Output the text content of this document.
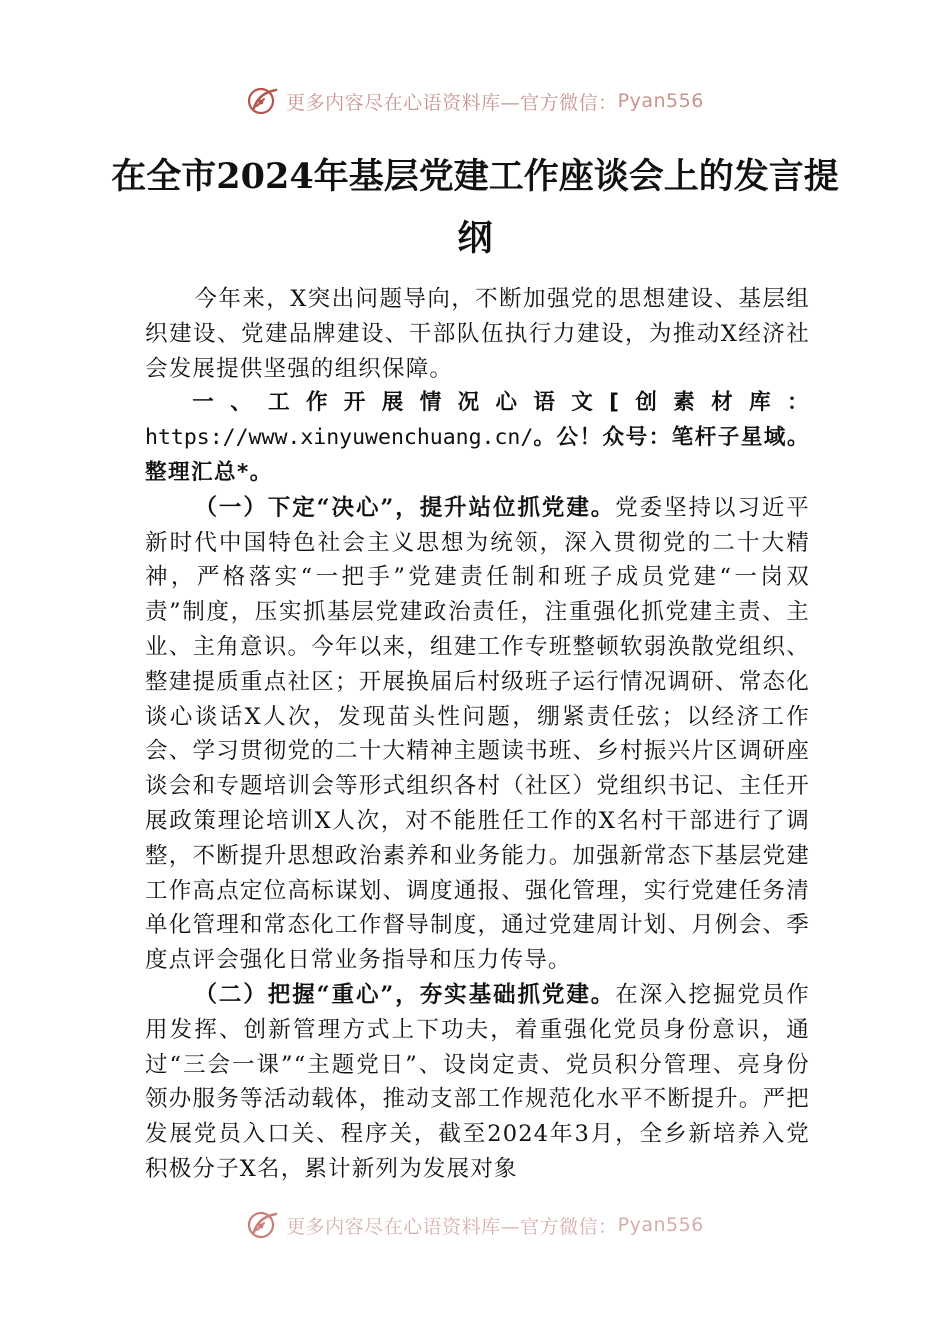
更多内容尽在心语资料库—官方微信： Pyan556
在全市2024年基层党建工作座谈会上的发言提纲

今年来，X突出问题导向，不断加强党的思想建设、基层组织建设、党建品牌建设、干部队伍执行力建设，为推动X经济社会发展提供坚强的组织保障。

一、工作开展情况心语文[创素材库：https://www.xinyuwenchuang.cn/。公！众号：笔杆子星域。整理汇总*。

（一）下定“决心”，提升站位抓党建。党委坚持以习近平新时代中国特色社会主义思想为统领，深入贯彻党的二十大精神，严格落实“一把手”党建责任制和班子成员党建“一岗双责”制度，压实抓基层党建政治责任，注重强化抓党建主责、主业、主角意识。今年以来，组建工作专班整顿软弱涣散党组织、整建提质重点社区；开展换届后村级班子运行情况调研、常态化谈心谈话X人次，发现苗头性问题，绷紧责任弦；以经济工作会、学习贯彻党的二十大精神主题读书班、乡村振兴片区调研座谈会和专题培训会等形式组织各村（社区）党组织书记、主任开展政策理论培训X人次，对不能胜任工作的X名村干部进行了调整，不断提升思想政治素养和业务能力。加强新常态下基层党建工作高点定位高标谋划、调度通报、强化管理，实行党建任务清单化管理和常态化工作督导制度，通过党建周计划、月例会、季度点评会强化日常业务指导和压力传导。

（二）把握“重心”，夯实基础抓党建。在深入挖掘党员作用发挥、创新管理方式上下功夫，着重强化党员身份意识，通过“三会一课”“主题党日”、设岗定责、党员积分管理、亮身份领办服务等活动载体，推动支部工作规范化水平不断提升。严把发展党员入口关、程序关，截至2024年3月，全乡新培养入党积极分子X名，累计新列为发展对象

更多内容尽在心语资料库—官方微信： Pyan556
